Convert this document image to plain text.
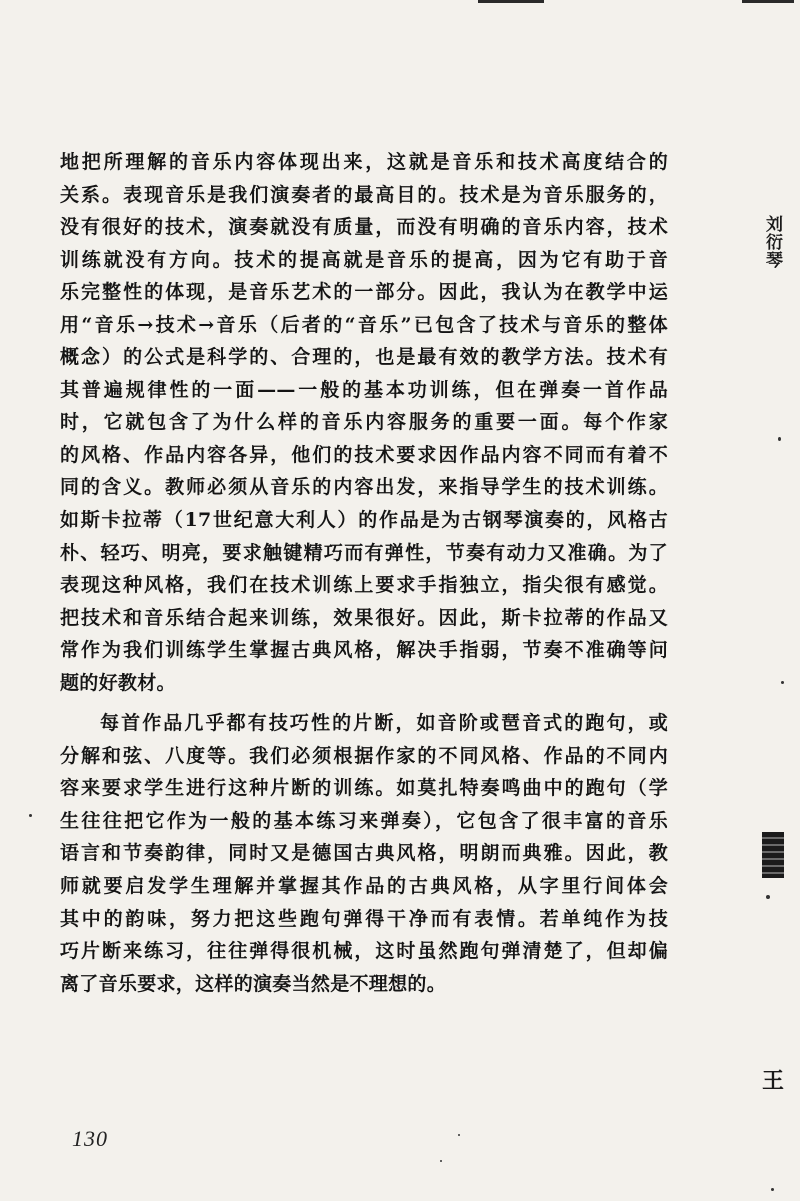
地把所理解的音乐内容体现出来，这就是音乐和技术高度结合的
关系。表现音乐是我们演奏者的最高目的。技术是为音乐服务的，
没有很好的技术，演奏就没有质量，而没有明确的音乐内容，技术
训练就没有方向。技术的提高就是音乐的提高，因为它有助于音
乐完整性的体现，是音乐艺术的一部分。因此，我认为在教学中运
用“音乐→技术→音乐（后者的“音乐”已包含了技术与音乐的整体
概念）的公式是科学的、合理的，也是最有效的教学方法。技术有
其普遍规律性的一面——一般的基本功训练，但在弹奏一首作品
时，它就包含了为什么样的音乐内容服务的重要一面。每个作家
的风格、作品内容各异，他们的技术要求因作品内容不同而有着不
同的含义。教师必须从音乐的内容出发，来指导学生的技术训练。
如斯卡拉蒂（17世纪意大利人）的作品是为古钢琴演奏的，风格古
朴、轻巧、明亮，要求触键精巧而有弹性，节奏有动力又准确。为了
表现这种风格，我们在技术训练上要求手指独立，指尖很有感觉。
把技术和音乐结合起来训练，效果很好。因此，斯卡拉蒂的作品又
常作为我们训练学生掌握古典风格，解决手指弱，节奏不准确等问
题的好教材。
每首作品几乎都有技巧性的片断，如音阶或琶音式的跑句，或
分解和弦、八度等。我们必须根据作家的不同风格、作品的不同内
容来要求学生进行这种片断的训练。如莫扎特奏鸣曲中的跑句（学
生往往把它作为一般的基本练习来弹奏），它包含了很丰富的音乐
语言和节奏韵律，同时又是德国古典风格，明朗而典雅。因此，教
师就要启发学生理解并掌握其作品的古典风格，从字里行间体会
其中的韵味，努力把这些跑句弹得干净而有表情。若单纯作为技
巧片断来练习，往往弹得很机械，这时虽然跑句弹清楚了，但却偏
离了音乐要求，这样的演奏当然是不理想的。
130
刘衍琴
王
